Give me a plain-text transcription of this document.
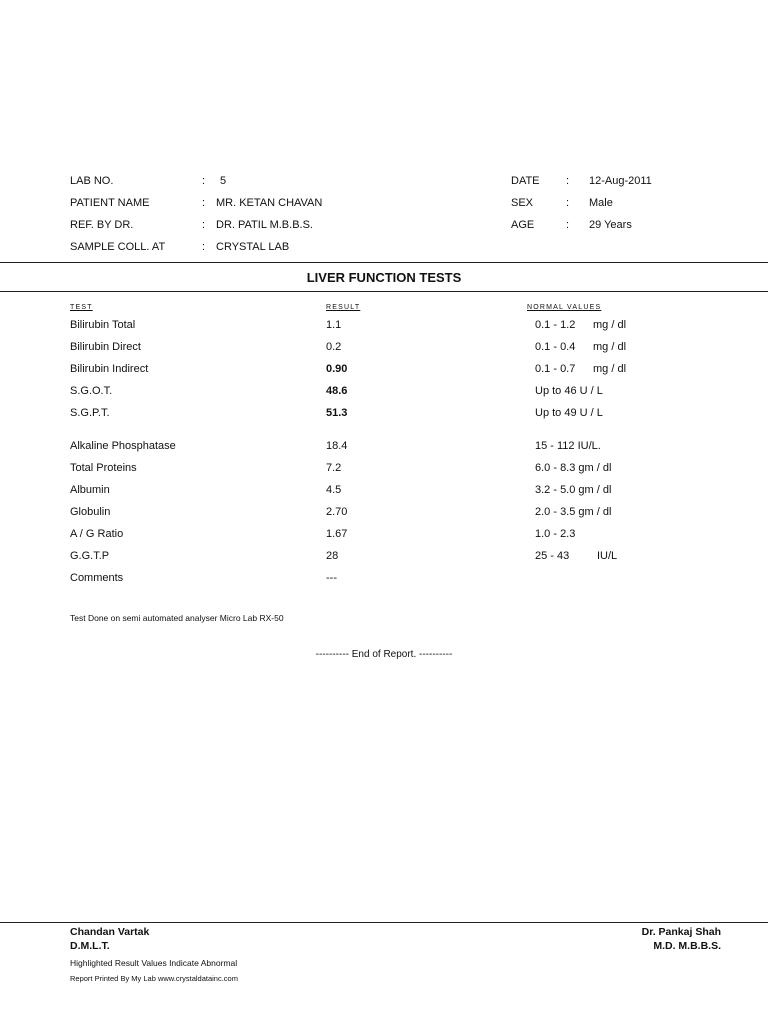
LAB NO.	: 5
PATIENT NAME	: MR. KETAN CHAVAN
REF. BY DR.	: DR. PATIL M.B.B.S.
SAMPLE COLL. AT	: CRYSTAL LAB
DATE : 12-Aug-2011
SEX	: Male
AGE	: 29 Years
LIVER FUNCTION TESTS
TEST	RESULT	NORMAL VALUES
Bilirubin Total	1.1	0.1 - 1.2 mg / dl
Bilirubin Direct	0.2	0.1 - 0.4 mg / dl
Bilirubin Indirect	0.90	0.1 - 0.7 mg / dl
S.G.O.T.	48.6	Up to 46 U / L
S.G.P.T.	51.3	Up to 49 U / L
Alkaline Phosphatase	18.4	15 - 112 IU/L.
Total Proteins	7.2	6.0 - 8.3 gm / dl
Albumin	4.5	3.2 - 5.0 gm / dl
Globulin	2.70	2.0 - 3.5 gm / dl
A / G Ratio	1.67	1.0 - 2.3
G.G.T.P	28	25 - 43	IU/L
Comments	---
Test Done on semi automated analyser Micro Lab RX-50
---------- End of Report. ----------
Chandan Vartak
D.M.L.T.
Dr. Pankaj Shah
M.D. M.B.B.S.
Highlighted Result Values Indicate Abnormal
Report Printed By My Lab www.crystaldatainc.com
